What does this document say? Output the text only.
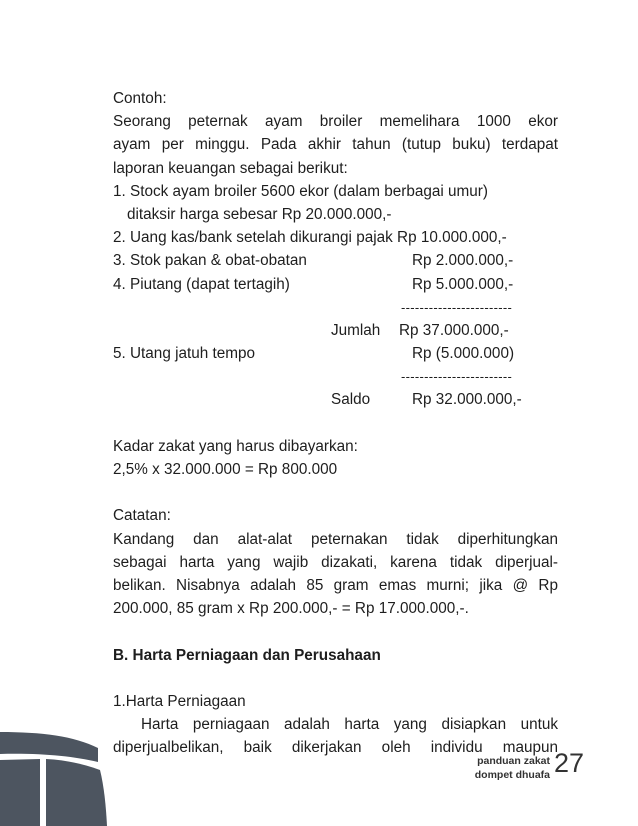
Contoh:
Seorang peternak ayam broiler memelihara 1000 ekor
ayam per minggu. Pada akhir tahun (tutup buku) terdapat
laporan keuangan sebagai berikut:
1. Stock ayam broiler 5600 ekor (dalam berbagai umur)
ditaksir harga sebesar Rp 20.000.000,-
2. Uang kas/bank setelah dikurangi pajak Rp 10.000.000,-
3. Stok pakan & obat-obatan	Rp 2.000.000,-
4. Piutang (dapat tertagih)	Rp 5.000.000,-
------------------------
Jumlah Rp 37.000.000,-
5. Utang jatuh tempo	Rp (5.000.000)
------------------------
Saldo	Rp 32.000.000,-
Kadar zakat yang harus dibayarkan:
2,5% x 32.000.000 = Rp 800.000
Catatan:
Kandang dan alat-alat peternakan tidak diperhitungkan
sebagai harta yang wajib dizakati, karena tidak diperjual-
belikan. Nisabnya adalah 85 gram emas murni; jika @ Rp
200.000, 85 gram x Rp 200.000,- = Rp 17.000.000,-.
B. Harta Perniagaan dan Perusahaan
1.Harta Perniagaan
Harta perniagaan adalah harta yang disiapkan untuk
diperjualbelikan, baik dikerjakan oleh individu maupun
panduan zakat
dompet dhuafa 27
